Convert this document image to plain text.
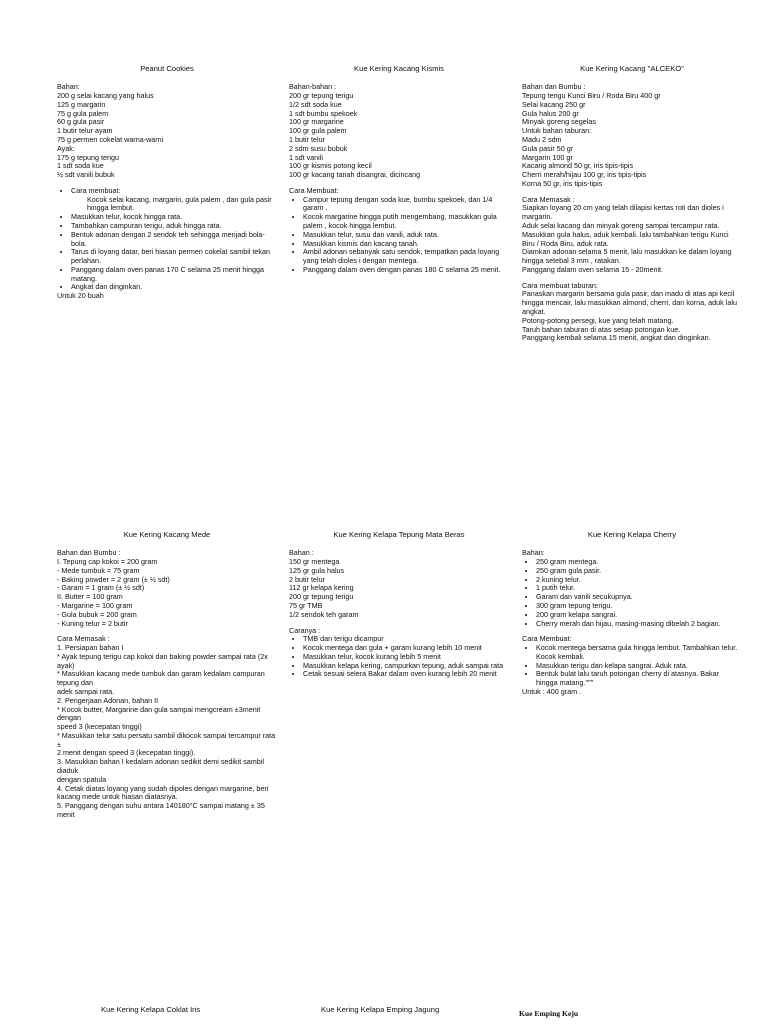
Peanut Cookies
Bahan:
200 g selai kacang yang halus
125 g margarin
75 g gula palem
60 g gula pasir
1 butir telur ayam
75 g permen cokelat warna-warni
Ayak:
175 g tepung terigu
1 sdt soda kue
½ sdt vanili bubuk
• Cara membuat:
Kocok selai kacang, margarin, gula palem , dan gula pasir hingga lembut.
• Masukkan telur, kocok hingga rata.
• Tambahkan campuran terigu, aduk hingga rata.
• Bentuk adonan dengan 2 sendok teh sehingga menjadi bola-bola.
• Tarus di loyang datar, beri hiasan permen cokelat sambil tekan perlahan.
• Panggang dalam oven panas 170 C selama 25 menit hingga matang.
• Angkat dan dinginkan.
Untuk 20 buah
Kue Kering Kacang Kismis
Bahan-bahan :
200 gr tepung terigu
1/2 sdt soda kue
1 sdt bumbu spekoek
100 gr margarine
100 gr gula palem
1 butir telur
2 sdm susu bubuk
1 sdt vanili
100 gr kismis potong kecil
100 gr kacang tanah disangrai, dicincang
Cara Membuat:
• Campur tepung dengan soda kue, bumbu spekoek, dan 1/4 garam .
• Kocok margarine hingga putih mengembang, masukkan gula palem , kocok hingga lembut.
• Masukkan telur, susu dan vanili, aduk rata.
• Masukkan kismis dan kacang tanah.
• Ambil adonan sebanyak satu sendok, tempatkan pada loyang yang telah dioles i dengan mentega.
• Panggang dalam oven dengan panas 180 C selama 25 menit.
Kue Kering Kacang "ALCEKO"
Bahan dan Bumbu :
Tepung terigu Kunci Biru / Roda Biru 400 gr
Selai kacang 250 gr
Gula halus 200 gr
Minyak goreng segelas
Untuk bahan taburan:
Madu 2 sdm
Gula pasir 50 gr
Margarin 100 gr
Kacang almond 50 gr, iris tipis-tipis
Cherri merah/hijau 100 gr, iris tipis-tipis
Korna 50 gr, iris tipis-tipis
Cara Memasak :
Siapkan loyang 20 cm yang telah dilapisi kertas roti dan dioles i margarin.
Aduk selai kacang dan minyak goreng sampai tercampur rata.
Masukkan gula halus, aduk kembali. lalu tambahkan terigu Kunci Biru / Roda Biru, aduk rata.
Diamkan adonan selama 5 menit, lalu masukkan ke dalam loyang hingga setebal 3 mm , ratakan.
Panggang dalam oven selama 15 - 20menit.
Cara membuat taburan:
Panaskan margarin bersama gula pasir, dan madu di atas api kecil hingga mencair, lalu masukkan almond, cherri, dan korna, aduk lalu angkat.
Potong-potong persegi, kue yang telah matang.
Taruh bahan taburan di atas setiap potongan kue.
Panggang kembali selama 15 menit, angkat dan dinginkan.
Kue Kering Kacang Mede
Bahan dan Bumbu :
I. Tepung cap kokoi = 200 gram
- Mede tumbuk = 75 gram
- Baking powder = 2 gram (± ½ sdt)
- Garam = 1 gram (± ½ sdt)
II. Butter = 100 gram
- Margarine = 100 gram
- Gula bubuk = 200 gram
- Kuning telur = 2 butir
Cara Memasak :
1. Persiapan bahan I
* Ayak tepung terigu cap kokoi dan baking powder sampai rata (2x ayak)
* Masukkan kacang mede tumbuk dan garam kedalam campuran tepung dan
adek sampai rata.
2. Pengerjaan Adonan, bahan II
* Kocok butter, Margarine dan gula sampai mengcream ±3menit dengan
speed 3 (kecepatan tinggi)
* Masukkan telur satu persatu sambil dikocok sampai tercampur rata ±
2 menit dengan speed 3 (kecepatan tinggi).
3. Masukkan bahan I kedalam adonan sedikit demi sedikit sambil diaduk
dengan spatula
4. Cetak diatas loyang yang sudah dipoles dengan margarine, beri
kacang mede untuk hiasan diatasnya.
5. Panggang dengan suhu antara 140180°C sampai matang ± 35 menit
Kue Kering Kelapa Tepung Mata Beras
Bahan :
150 gr mentega
125 gr gula halus
2 butir telur
112 gr kelapa kering
200 gr tepung terigu
75 gr TMB
1/2 sendok teh garam
Caranya :
• TMB dan terigu dicampur
• Kocok mentega dan gula + garam kurang lebih 10 menit
• Masukkan telur, kocok kurang lebih 5 menit
• Masukkan kelapa kering, campurkan tepung, aduk sampai rata
• Cetak sesuai selera Bakar dalam oven kurang lebih 20 menit
Kue Kering Kelapa Cherry
Bahan:
• 250 gram mentega.
• 250 gram gula pasir.
• 2 kuning telur.
• 1 putih telur.
• Garam dan vanili secukupnya.
• 300 gram tepung terigu.
• 200 gram kelapa sangrai.
• Cherry merah dan hijau, masing-masing dibelah 2 bagian.
Cara Membuat:
• Kocok mentega bersama gula hingga lembut. Tambahkan telur. Kocok kembali.
• Masukkan terigu dan kelapa sangrai. Aduk rata.
• Bentuk bulat lalu taruh potongan cherry di atasnya. Bakar hingga matang."""
Untuk : 400 gram .
Kue Kering Kelapa Coklat Iris	Kue Kering Kelapa Emping Jagung	Kue Emping Keju
